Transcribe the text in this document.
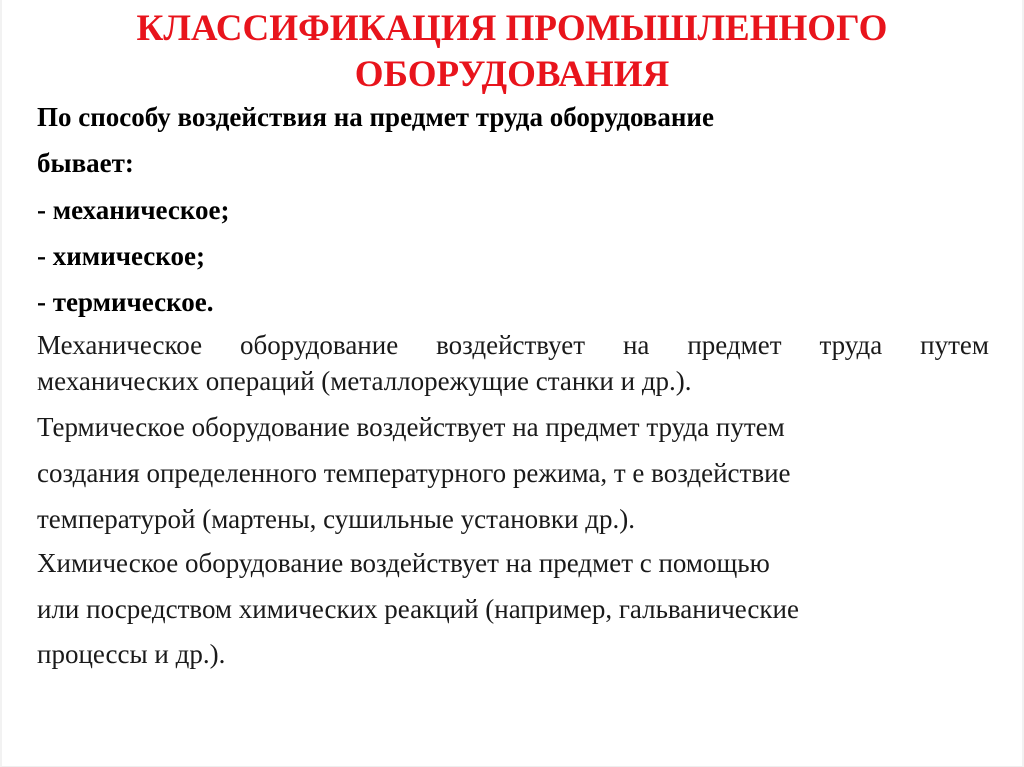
КЛАССИФИКАЦИЯ ПРОМЫШЛЕННОГО
ОБОРУДОВАНИЯ

По способу воздействия на предмет труда оборудование

бывает:

- механическое;

- химическое;

- термическое.

Механическое оборудование воздействует на предмет труда путем

механических операций (металлорежущие станки и др.).

Термическое оборудование воздействует на предмет труда путем

создания определенного температурного режима, т е воздействие

температурой (мартены, сушильные установки др.).

Химическое оборудование воздействует на предмет с помощью

или посредством химических реакций (например, гальванические

процессы и др.).
